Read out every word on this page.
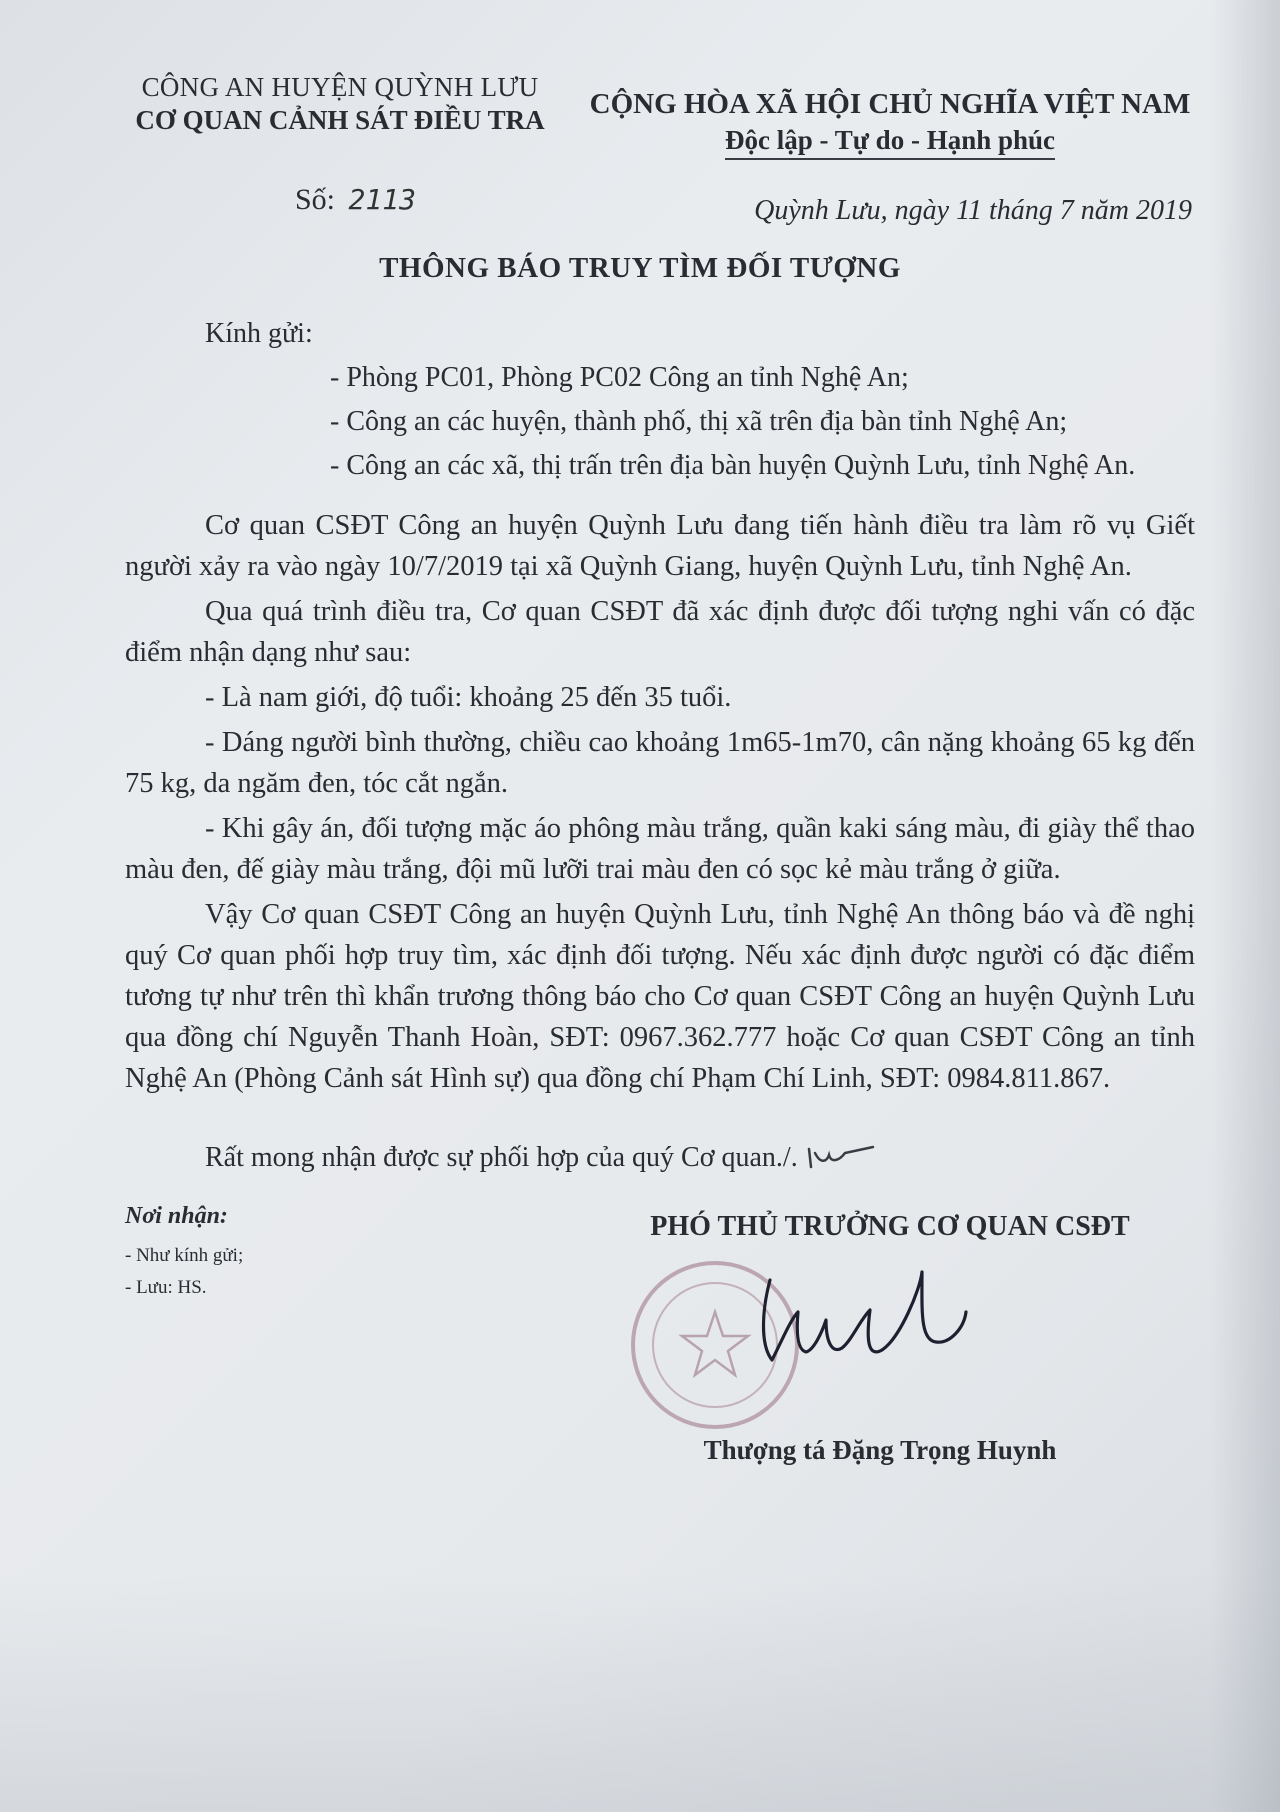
CÔNG AN HUYỆN QUỲNH LƯU
CƠ QUAN CẢNH SÁT ĐIỀU TRA	CỘNG HÒA XÃ HỘI CHỦ NGHĨA VIỆT NAM
Độc lập - Tự do - Hạnh phúc
Số: 2113	Quỳnh Lưu, ngày 11 tháng 7 năm 2019
THÔNG BÁO TRUY TÌM ĐỐI TƯỢNG
Kính gửi:
- Phòng PC01, Phòng PC02 Công an tỉnh Nghệ An;
- Công an các huyện, thành phố, thị xã trên địa bàn tỉnh Nghệ An;
- Công an các xã, thị trấn trên địa bàn huyện Quỳnh Lưu, tỉnh Nghệ An.

Cơ quan CSĐT Công an huyện Quỳnh Lưu đang tiến hành điều tra làm rõ vụ Giết người xảy ra vào ngày 10/7/2019 tại xã Quỳnh Giang, huyện Quỳnh Lưu, tỉnh Nghệ An.

Qua quá trình điều tra, Cơ quan CSĐT đã xác định được đối tượng nghi vấn có đặc điểm nhận dạng như sau:

- Là nam giới, độ tuổi: khoảng 25 đến 35 tuổi.

- Dáng người bình thường, chiều cao khoảng 1m65-1m70, cân nặng khoảng 65 kg đến 75 kg, da ngăm đen, tóc cắt ngắn.

- Khi gây án, đối tượng mặc áo phông màu trắng, quần kaki sáng màu, đi giày thể thao màu đen, đế giày màu trắng, đội mũ lưỡi trai màu đen có sọc kẻ màu trắng ở giữa.

Vậy Cơ quan CSĐT Công an huyện Quỳnh Lưu, tỉnh Nghệ An thông báo và đề nghị quý Cơ quan phối hợp truy tìm, xác định đối tượng. Nếu xác định được người có đặc điểm tương tự như trên thì khẩn trương thông báo cho Cơ quan CSĐT Công an huyện Quỳnh Lưu qua đồng chí Nguyễn Thanh Hoàn, SĐT: 0967.362.777 hoặc Cơ quan CSĐT Công an tỉnh Nghệ An (Phòng Cảnh sát Hình sự) qua đồng chí Phạm Chí Linh, SĐT: 0984.811.867.

Rất mong nhận được sự phối hợp của quý Cơ quan./.
Nơi nhận:
- Như kính gửi;
- Lưu: HS.
PHÓ THỦ TRƯỞNG CƠ QUAN CSĐT
Thượng tá Đặng Trọng Huynh
